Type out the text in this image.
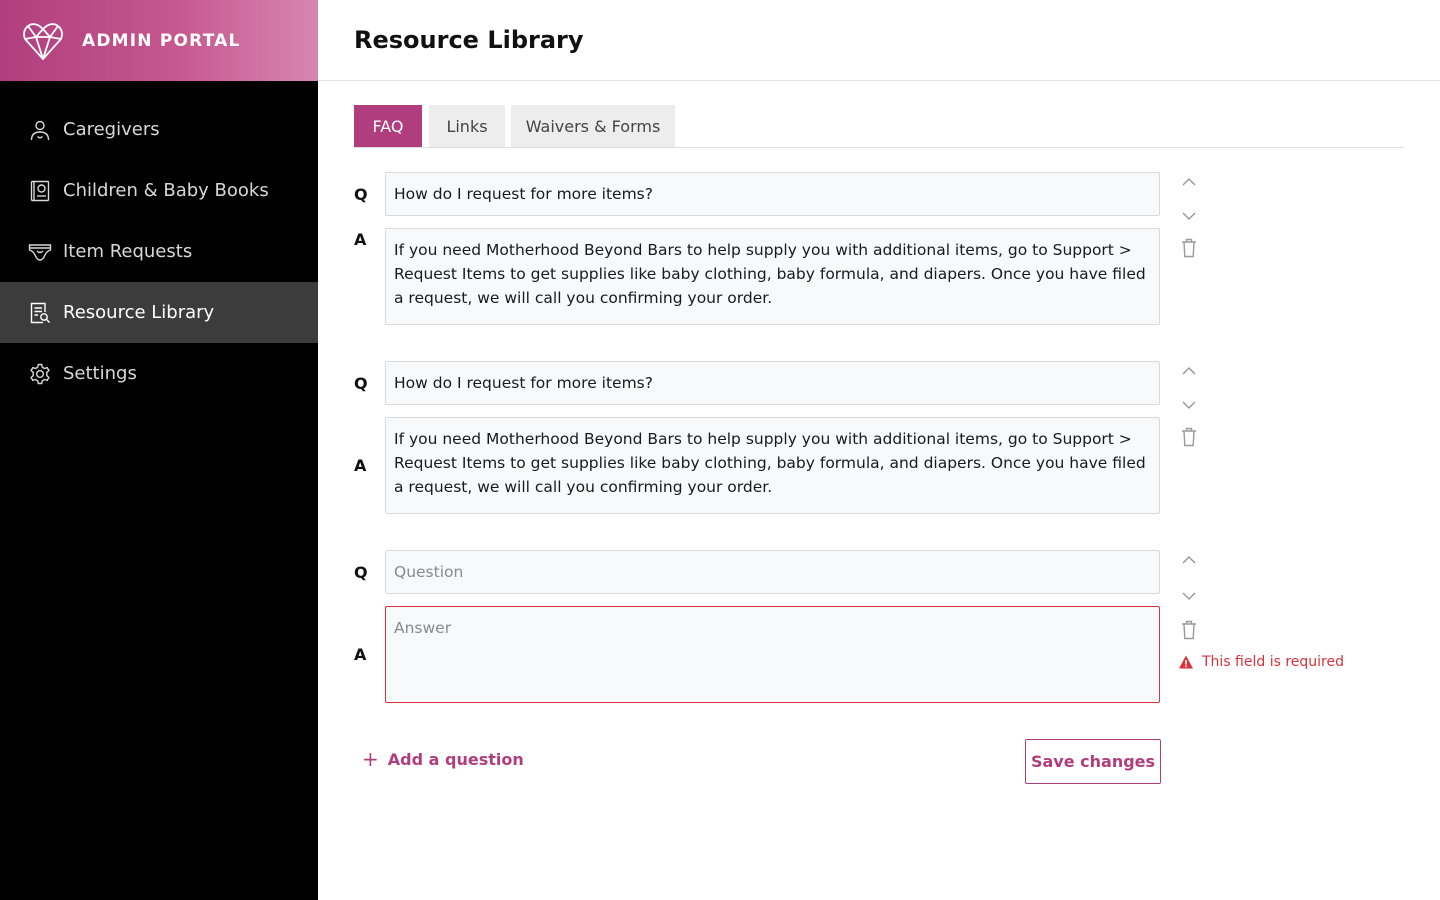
ADMIN PORTAL
Caregivers
Children & Baby Books
Item Requests
Resource Library
Settings
Resource Library
FAQ	Links	Waivers & Forms
Q	How do I request for more items?
A
If you need Motherhood Beyond Bars to help supply you with additional items, go to Support > Request Items to get supplies like baby clothing, baby formula, and diapers. Once you have filed a request, we will call you confirming your order.
Q	How do I request for more items?
A
If you need Motherhood Beyond Bars to help supply you with additional items, go to Support > Request Items to get supplies like baby clothing, baby formula, and diapers. Once you have filed a request, we will call you confirming your order.
Q	Question
A
Answer
This field is required
+ Add a question	Save changes
